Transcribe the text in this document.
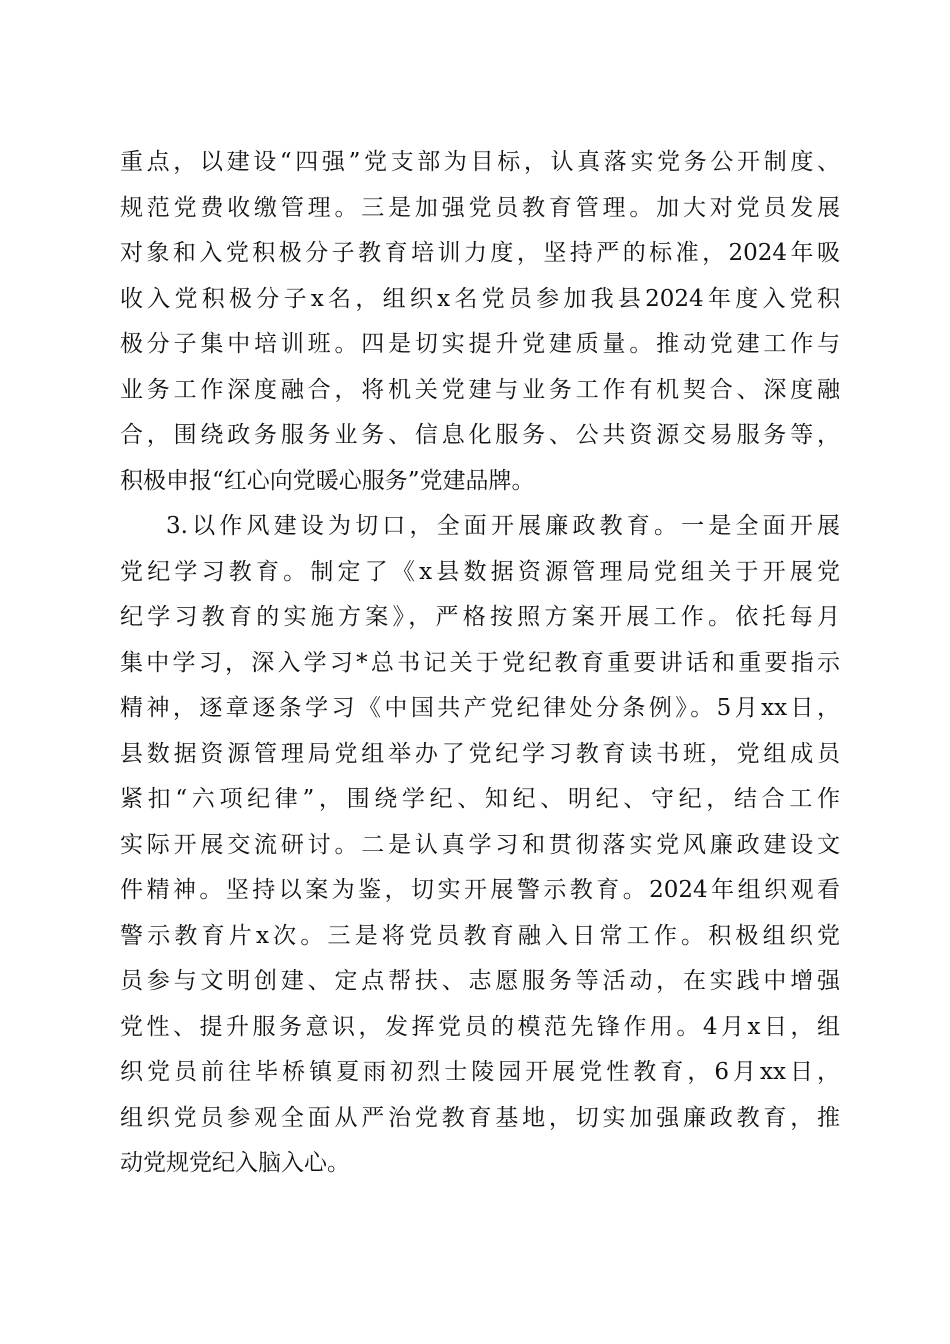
重点，以建设“四强”党支部为目标，认真落实党务公开制度、
规范党费收缴管理。三是加强党员教育管理。加大对党员发展
对象和入党积极分子教育培训力度，坚持严的标准，2024年吸
收入党积极分子x名，组织x名党员参加我县2024年度入党积
极分子集中培训班。四是切实提升党建质量。推动党建工作与
业务工作深度融合，将机关党建与业务工作有机契合、深度融
合，围绕政务服务业务、信息化服务、公共资源交易服务等，
积极申报“红心向党暖心服务”党建品牌。
3.以作风建设为切口，全面开展廉政教育。一是全面开展
党纪学习教育。制定了《x县数据资源管理局党组关于开展党
纪学习教育的实施方案》，严格按照方案开展工作。依托每月
集中学习，深入学习*总书记关于党纪教育重要讲话和重要指示
精神，逐章逐条学习《中国共产党纪律处分条例》。5月xx日，
县数据资源管理局党组举办了党纪学习教育读书班，党组成员
紧扣“六项纪律”，围绕学纪、知纪、明纪、守纪，结合工作
实际开展交流研讨。二是认真学习和贯彻落实党风廉政建设文
件精神。坚持以案为鉴，切实开展警示教育。2024年组织观看
警示教育片x次。三是将党员教育融入日常工作。积极组织党
员参与文明创建、定点帮扶、志愿服务等活动，在实践中增强
党性、提升服务意识，发挥党员的模范先锋作用。4月x日，组
织党员前往毕桥镇夏雨初烈士陵园开展党性教育，6月xx日，
组织党员参观全面从严治党教育基地，切实加强廉政教育，推
动党规党纪入脑入心。
